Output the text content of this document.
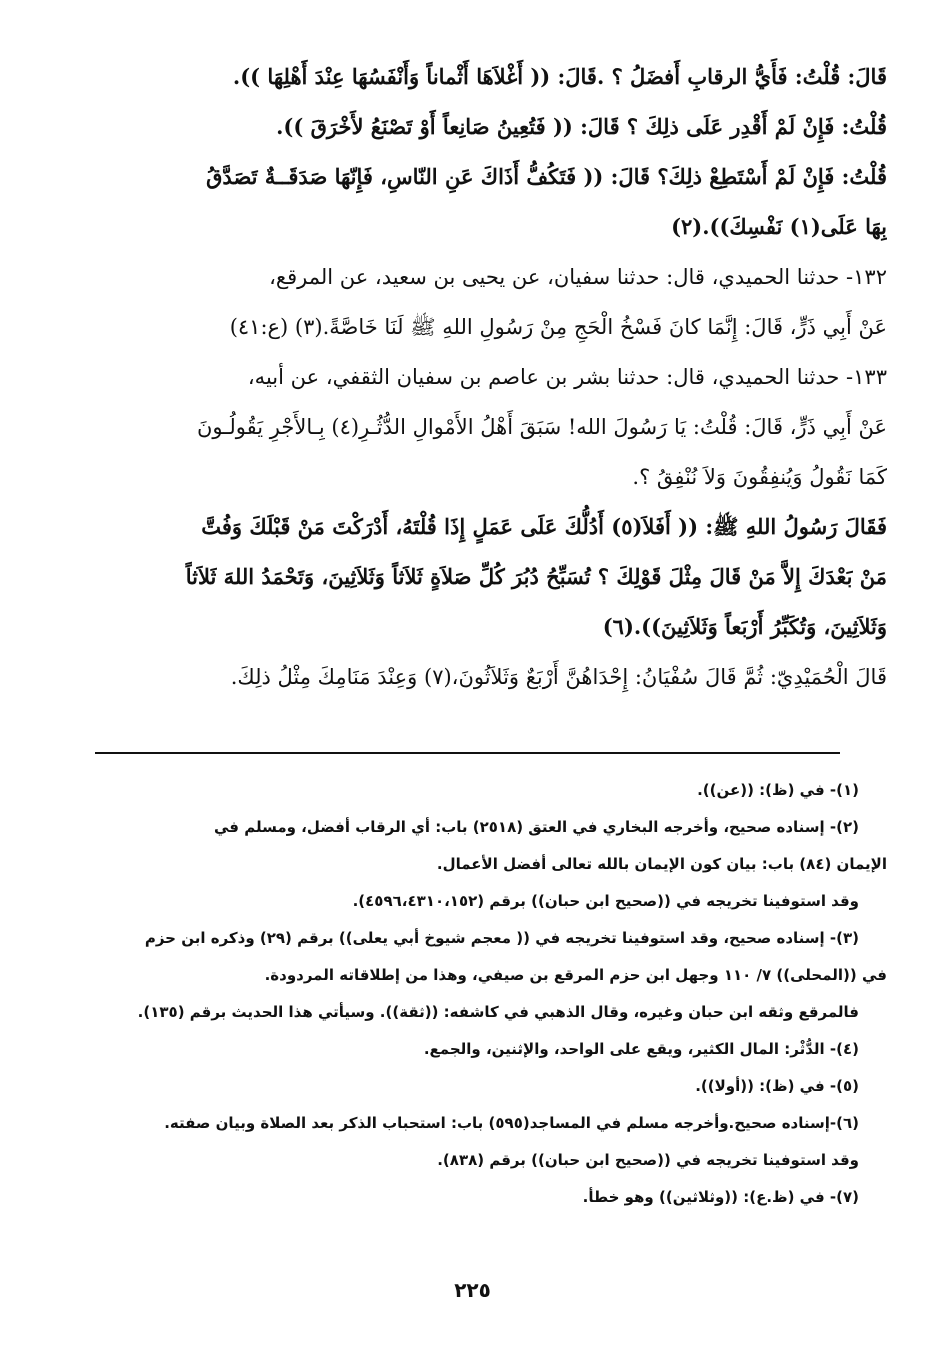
قَالَ: قُلْتُ: فَأَيُّ الرقابِ أَفضَلُ ؟ .قَالَ: (( أَغْلاَهَا أَثْماناً وَأَنْفَسُهَا عِنْدَ أَهْلِهَا )).

قُلْتُ: فَإِنْ لَمْ أَقْدِر عَلَى ذلِكَ ؟ قَالَ: (( فَتُعِينُ صَانِعاً أَوْ تَصْنَعُ لأَخْرَقَ )).

قُلْتُ: فَإِنْ لَمْ أَسْتَطِعْ ذلِكَ؟ قَالَ: (( فَتَكُفُّ أَذَاكَ عَنِ النّاسِ، فَإِنّهَا صَدَقَــةٌ تَصَدَّقُ

بِهَا عَلَى(١) نَفْسِكَ)).(٢)

١٣٢- حدثنا الحميدي، قال: حدثنا سفيان، عن يحيى بن سعيد، عن المرقع،

عَنْ أَبِي ذَرٍّ، قَالَ: إِنَّمَا كانَ فَسْخُ الْحَجِ مِنْ رَسُولِ اللهِ ﷺ لَنَا خَاصَّةً.(٣) (ع:٤١)

١٣٣- حدثنا الحميدي، قال: حدثنا بشر بن عاصم بن سفيان الثقفي، عن أبيه،

عَنْ أَبِي ذَرٍّ، قَالَ: قُلْتُ: يَا رَسُولَ الله! سَبَقَ أَهْلُ الأَمْوالِ الدُّثُـرِ(٤) بِـالأَجْرِ يَقُولُـونَ

كَمَا نَقُولُ وَيُنفِقُونَ وَلاَ نُنْفِقُ ؟.

فَقَالَ رَسُولُ اللهِ ﷺ: (( أَفَلاَ(٥) أَدُلُّكَ عَلَى عَمَلٍ إِذَا قُلْتَهُ، أَدْرَكْتَ مَنْ قَبْلَكَ وَفُتَّ

مَنْ بَعْدَكَ إِلاَّ مَنْ قَالَ مِثْلَ قَوْلِكَ ؟ تُسَبِّحُ دُبُرَ كُلِّ صَلاَةٍ ثَلاَثاً وَثَلاَثِينَ، وَتَحْمَدُ اللهَ ثَلاَثاً

وَثَلاَثِينَ، وَتُكَبِّرُ أَرْبَعاً وَثَلاَثِينَ)).(٦)

قَالَ الْحُمَيْدِيّ: ثُمَّ قَالَ سُفْيَانُ: إِحْدَاهُنَّ أَرْبَعٌ وَثَلاَثُونَ،(٧) وَعِنْدَ مَنَامِكَ مِثْلُ ذلِكَ.

(١)- في (ظ): ((عن)).

(٢)- إسناده صحيح، وأخرجه البخاري في العتق (٢٥١٨) باب: أي الرقاب أفضل، ومسلم في

الإيمان (٨٤) باب: بيان كون الإيمان بالله تعالى أفضل الأعمال.

وقد استوفينا تخريجه في ((صحيح ابن حبان)) برقم (٤٥٩٦،٤٣١٠،١٥٢).

(٣)- إسناده صحيح، وقد استوفينا تخريجه في (( معجم شيوخ أبي يعلى)) برقم (٢٩) وذكره ابن حزم

في ((المحلى)) ٧/ ١١٠ وجهل ابن حزم المرقع بن صيفي، وهذا من إطلاقاته المردودة.

فالمرقع وثقه ابن حبان وغيره، وقال الذهبي في كاشفه: ((ثقة)). وسيأتي هذا الحديث برقم (١٣٥).

(٤)- الدُّثْر: المال الكثير، ويقع على الواحد، والإثنين، والجمع.

(٥)- في (ظ): ((أولا)).

(٦)-إسناده صحيح.وأخرجه مسلم في المساجد(٥٩٥) باب: استحباب الذكر بعد الصلاة وبيان صفته.

وقد استوفينا تخريجه في ((صحيح ابن حبان)) برقم (٨٣٨).

(٧)- في (ظ.ع): ((وثلاثين)) وهو خطأ.

٢٢٥
